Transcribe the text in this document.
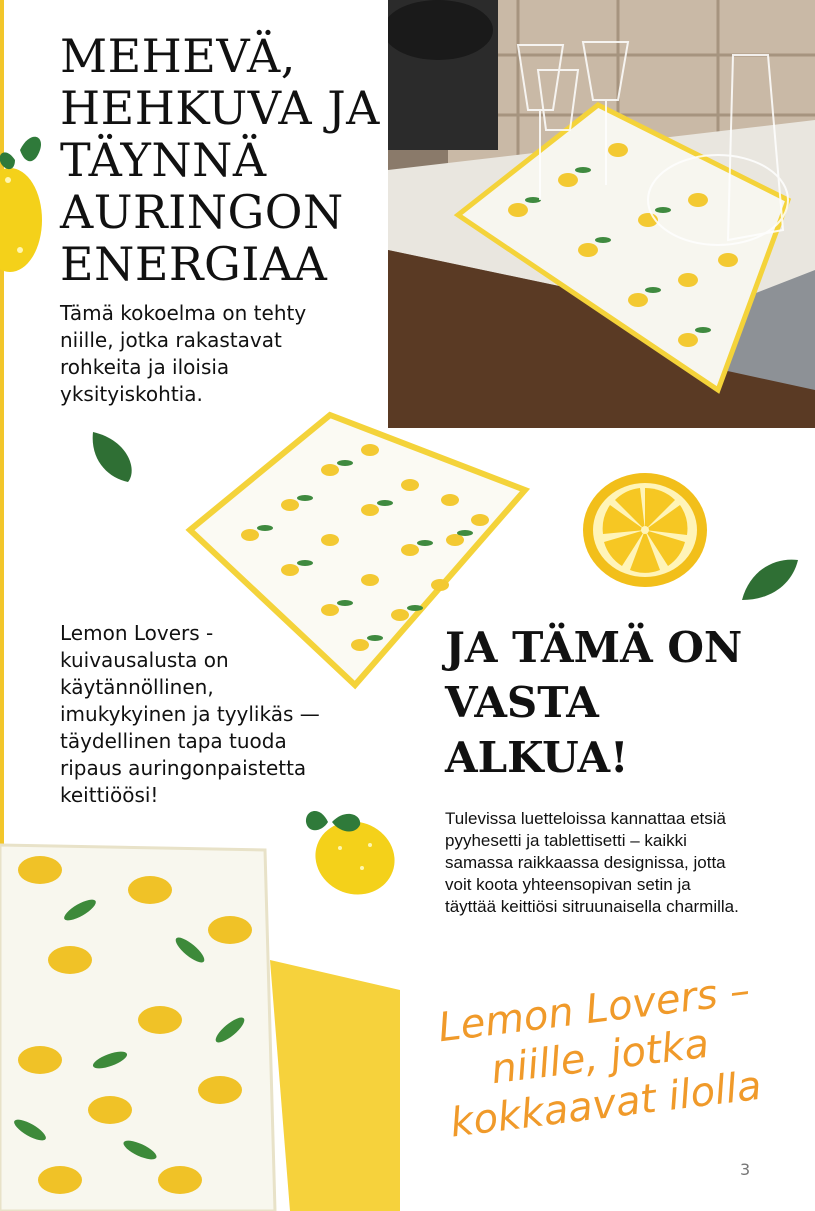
MEHEVÄ, HEHKUVA JA TÄYNNÄ AURINGON ENERGIAA

Tämä kokoelma on tehty niille, jotka rakastavat rohkeita ja iloisia yksityiskohtia.

Lemon Lovers -kuivausalusta on käytännöllinen, imukykyinen ja tyylikäs — täydellinen tapa tuoda ripaus auringonpaistetta keittiöösi!

JA TÄMÄ ON VASTA ALKUA!

Tulevissa luetteloissa kannattaa etsiä pyyhesetti ja tablettisetti – kaikki samassa raikkaassa designissa, jotta voit koota yhteensopivan setin ja täyttää keittiösi sitruunaisella charmilla.

Lemon Lovers – niille, jotka kokkaavat ilolla

3
